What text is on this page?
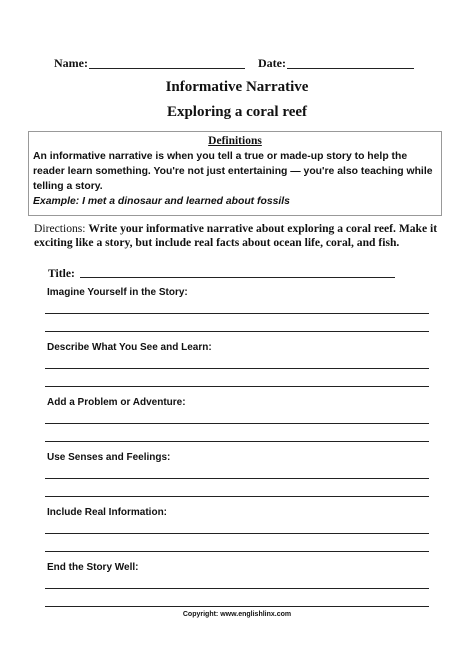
Name:	Date:
Informative Narrative
Exploring a coral reef
Definitions
An informative narrative is when you tell a true or made-up story to help the reader learn something. You're not just entertaining — you're also teaching while telling a story.
Example: I met a dinosaur and learned about fossils
Directions: Write your informative narrative about exploring a coral reef. Make it exciting like a story, but include real facts about ocean life, coral, and fish.
Title:
Imagine Yourself in the Story:
Describe What You See and Learn:
Add a Problem or Adventure:
Use Senses and Feelings:
Include Real Information:
End the Story Well:
Copyright: www.englishlinx.com
